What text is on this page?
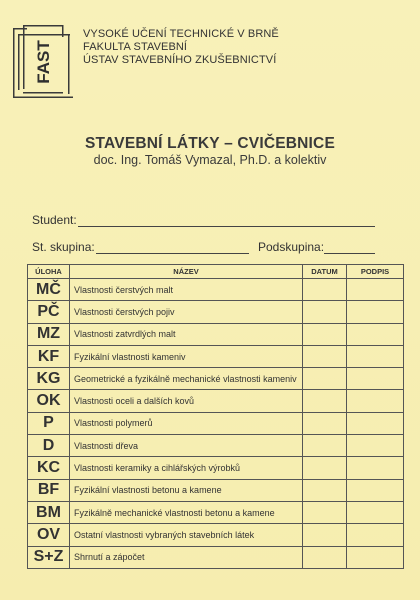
FAST
VYSOKÉ UČENÍ TECHNICKÉ V BRNĚ
FAKULTA STAVEBNÍ
ÚSTAV STAVEBNÍHO ZKUŠEBNICTVÍ
STAVEBNÍ LÁTKY – CVIČEBNICE
doc. Ing. Tomáš Vymazal, Ph.D. a kolektiv
Student:
St. skupina:	Podskupina:
ÚLOHA	NÁZEV	DATUM	PODPIS
MČ	Vlastnosti čerstvých malt		
PČ	Vlastnosti čerstvých pojiv		
MZ	Vlastnosti zatvrdlých malt		
KF	Fyzikální vlastnosti kameniv		
KG	Geometrické a fyzikálně mechanické vlastnosti kameniv		
OK	Vlastnosti oceli a dalších kovů		
P	Vlastnosti polymerů		
D	Vlastnosti dřeva		
KC	Vlastnosti keramiky a cihlářských výrobků		
BF	Fyzikální vlastnosti betonu a kamene		
BM	Fyzikálně mechanické vlastnosti betonu a kamene		
OV	Ostatní vlastnosti vybraných stavebních látek		
S+Z	Shrnutí a zápočet		
